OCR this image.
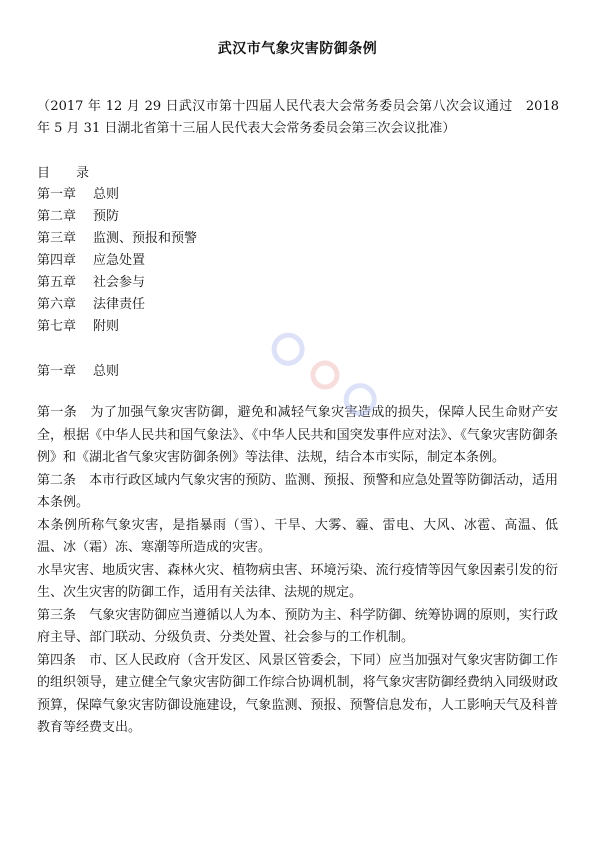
武汉市气象灾害防御条例
（2017 年 12 月 29 日武汉市第十四届人民代表大会常务委员会第八次会议通过　2018 年 5 月 31 日湖北省第十三届人民代表大会常务委员会第三次会议批准）
目　　录
第一章 总则
第二章 预防
第三章 监测、预报和预警
第四章 应急处置
第五章 社会参与
第六章 法律责任
第七章 附则
第一章 总则

第一条　为了加强气象灾害防御，避免和减轻气象灾害造成的损失，保障人民生命财产安全，根据《中华人民共和国气象法》、《中华人民共和国突发事件应对法》、《气象灾害防御条例》和《湖北省气象灾害防御条例》等法律、法规，结合本市实际，制定本条例。

第二条　本市行政区域内气象灾害的预防、监测、预报、预警和应急处置等防御活动，适用本条例。

本条例所称气象灾害，是指暴雨（雪）、干旱、大雾、霾、雷电、大风、冰雹、高温、低温、冰（霜）冻、寒潮等所造成的灾害。

水旱灾害、地质灾害、森林火灾、植物病虫害、环境污染、流行疫情等因气象因素引发的衍生、次生灾害的防御工作，适用有关法律、法规的规定。

第三条　气象灾害防御应当遵循以人为本、预防为主、科学防御、统筹协调的原则，实行政府主导、部门联动、分级负责、分类处置、社会参与的工作机制。

第四条　市、区人民政府（含开发区、风景区管委会，下同）应当加强对气象灾害防御工作的组织领导，建立健全气象灾害防御工作综合协调机制，将气象灾害防御经费纳入同级财政预算，保障气象灾害防御设施建设，气象监测、预报、预警信息发布，人工影响天气及科普教育等经费支出。
